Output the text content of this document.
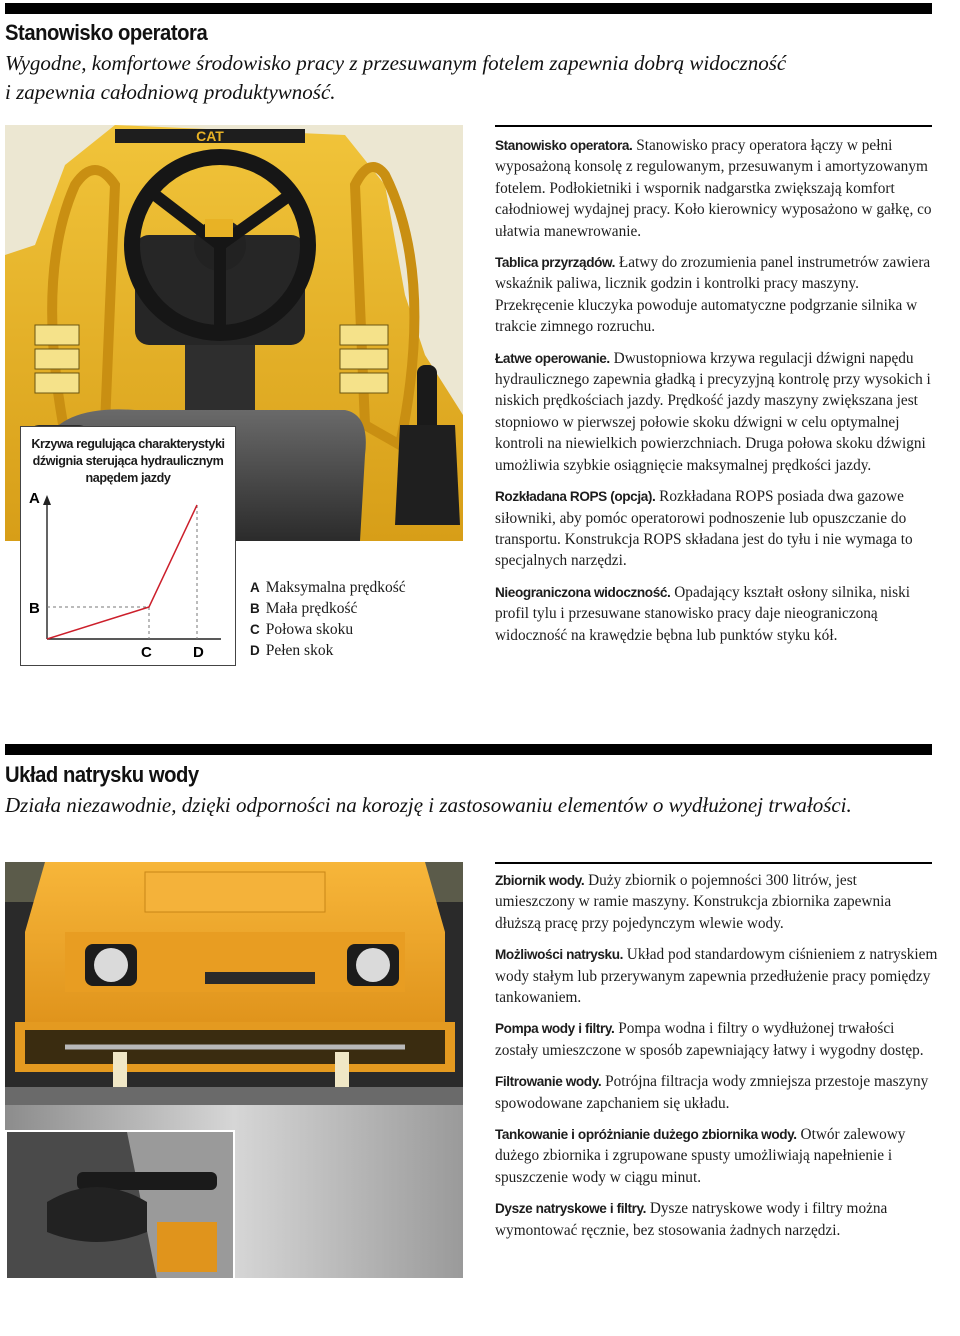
Stanowisko operatora
Wygodne, komfortowe środowisko pracy z przesuwanym fotelem zapewnia dobrą widoczność
i zapewnia całodniową produktywność.
CAT
Krzywa regulująca charakterystyki dźwignia sterująca hydraulicznym napędem jazdy
A
B
C	D
A Maksymalna prędkość
B Mała prędkość
C Połowa skoku
D Pełen skok

Stanowisko operatora. Stanowisko pracy operatora łączy w pełni wyposażoną konsolę z regulowanym, przesuwanym i amortyzowanym fotelem. Podłokietniki i wspornik nadgarstka zwiększają komfort całodniowej wydajnej pracy. Koło kierownicy wyposażono w gałkę, co ułatwia manewrowanie.

Tablica przyrządów. Łatwy do zrozumienia panel instrumetrów zawiera wskaźnik paliwa, licznik godzin i kontrolki pracy maszyny. Przekręcenie kluczyka powoduje automatyczne podgrzanie silnika w trakcie zimnego rozruchu.

Łatwe operowanie. Dwustopniowa krzywa regulacji dźwigni napędu hydraulicznego zapewnia gładką i precyzyjną kontrolę przy wysokich i niskich prędkościach jazdy. Prędkość jazdy maszyny zwiększana jest stopniowo w pierwszej połowie skoku dźwigni w celu optymalnej kontroli na niewielkich powierzchniach. Druga połowa skoku dźwigni umożliwia szybkie osiągnięcie maksymalnej prędkości jazdy.

Rozkładana ROPS (opcja). Rozkładana ROPS posiada dwa gazowe siłowniki, aby pomóc operatorowi podnoszenie lub opuszczanie do transportu. Konstrukcja ROPS składana jest do tyłu i nie wymaga to specjalnych narzędzi.

Nieograniczona widoczność. Opadający kształt osłony silnika, niski profil tylu i przesuwane stanowisko pracy daje nieograniczoną widoczność na krawędzie bębna lub punktów styku kół.

Układ natrysku wody
Działa niezawodnie, dzięki odporności na korozję i zastosowaniu elementów o wydłużonej trwałości.

Zbiornik wody. Duży zbiornik o pojemności 300 litrów, jest umieszczony w ramie maszyny. Konstrukcja zbiornika zapewnia dłuższą pracę przy pojedynczym wlewie wody.

Możliwości natrysku. Układ pod standardowym ciśnieniem z natryskiem wody stałym lub przerywanym zapewnia przedłużenie pracy pomiędzy tankowaniem.

Pompa wody i filtry. Pompa wodna i filtry o wydłużonej trwałości zostały umieszczone w sposób zapewniający łatwy i wygodny dostęp.

Filtrowanie wody. Potrójna filtracja wody zmniejsza przestoje maszyny spowodowane zapchaniem się układu.

Tankowanie i opróżnianie dużego zbiornika wody. Otwór zalewowy dużego zbiornika i zgrupowane spusty umożliwiają napełnienie i spuszczenie wody w ciągu minut.

Dysze natryskowe i filtry. Dysze natryskowe wody i filtry można wymontować ręcznie, bez stosowania żadnych narzędzi.
